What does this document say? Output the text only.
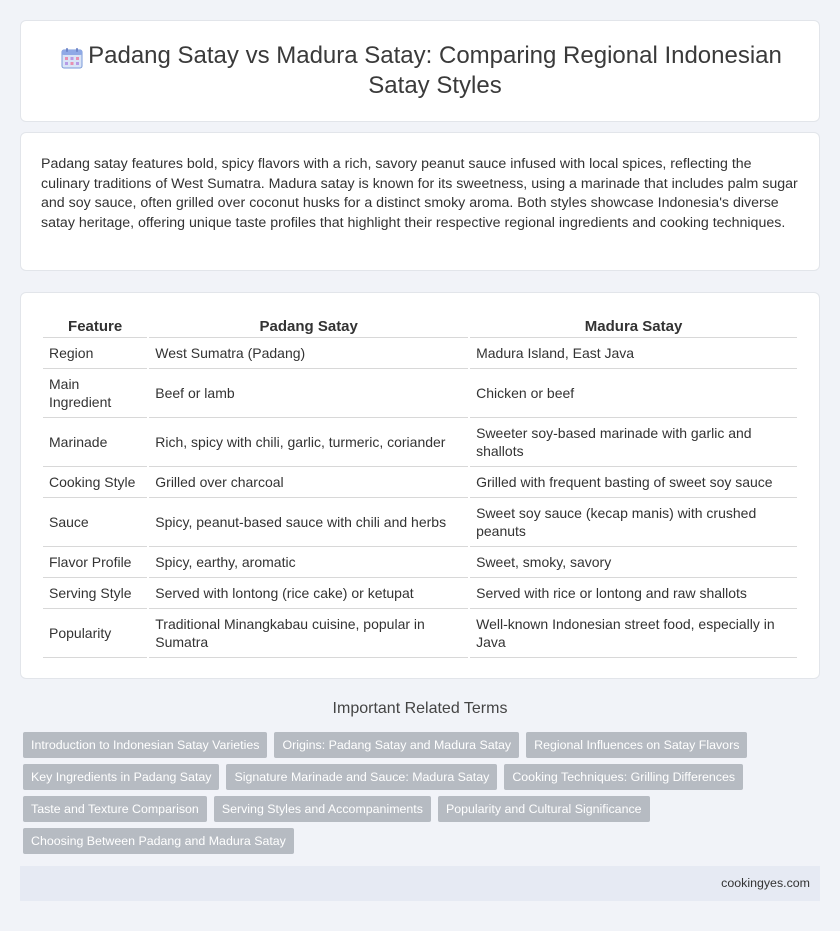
Padang Satay vs Madura Satay: Comparing Regional Indonesian Satay Styles

Padang satay features bold, spicy flavors with a rich, savory peanut sauce infused with local spices, reflecting the culinary traditions of West Sumatra. Madura satay is known for its sweetness, using a marinade that includes palm sugar and soy sauce, often grilled over coconut husks for a distinct smoky aroma. Both styles showcase Indonesia's diverse satay heritage, offering unique taste profiles that highlight their respective regional ingredients and cooking techniques.

Feature	Padang Satay	Madura Satay
Region	West Sumatra (Padang)	Madura Island, East Java
Main Ingredient	Beef or lamb	Chicken or beef
Marinade	Rich, spicy with chili, garlic, turmeric, coriander	Sweeter soy-based marinade with garlic and shallots
Cooking Style	Grilled over charcoal	Grilled with frequent basting of sweet soy sauce
Sauce	Spicy, peanut-based sauce with chili and herbs	Sweet soy sauce (kecap manis) with crushed peanuts
Flavor Profile	Spicy, earthy, aromatic	Sweet, smoky, savory
Serving Style	Served with lontong (rice cake) or ketupat	Served with rice or lontong and raw shallots
Popularity	Traditional Minangkabau cuisine, popular in Sumatra	Well-known Indonesian street food, especially in Java
Important Related Terms
Introduction to Indonesian Satay Varieties	Origins: Padang Satay and Madura Satay	Regional Influences on Satay Flavors
Key Ingredients in Padang Satay	Signature Marinade and Sauce: Madura Satay	Cooking Techniques: Grilling Differences
Taste and Texture Comparison	Serving Styles and Accompaniments	Popularity and Cultural Significance
Choosing Between Padang and Madura Satay
cookingyes.com
